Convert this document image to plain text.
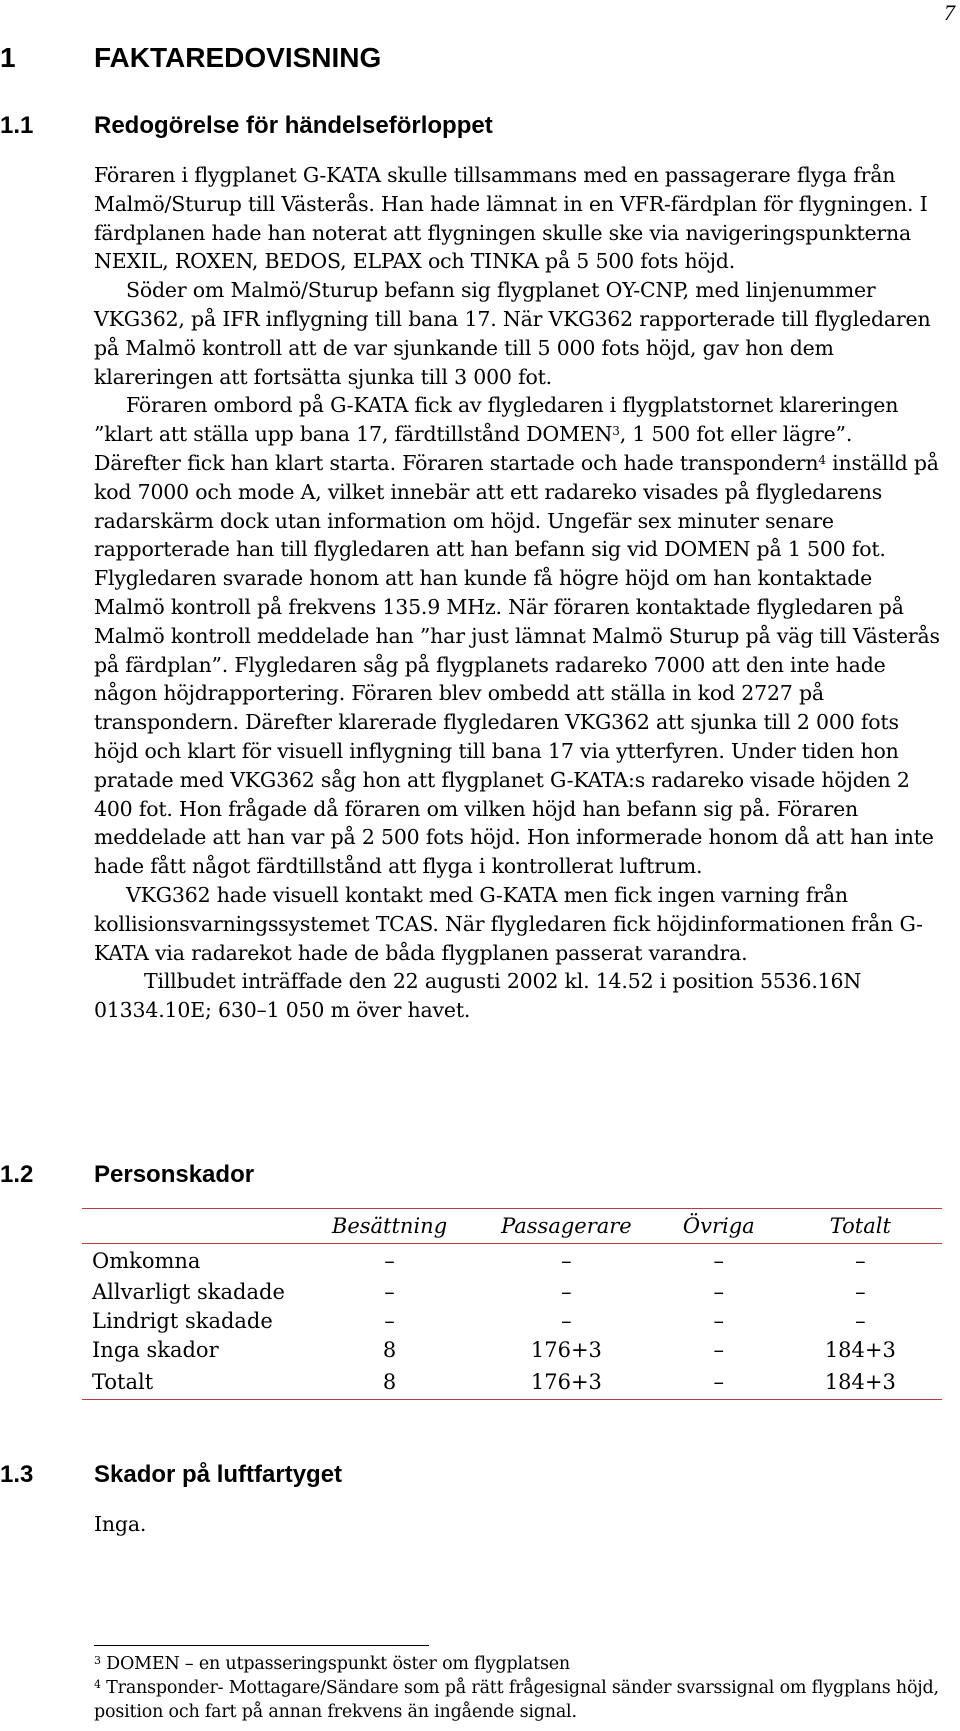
7
1	FAKTAREDOVISNING
1.1	Redogörelse för händelseförloppet

Föraren i flygplanet G-KATA skulle tillsammans med en passagerare flyga från Malmö/Sturup till Västerås. Han hade lämnat in en VFR-färdplan för flygningen. I färdplanen hade han noterat att flygningen skulle ske via navigeringspunkterna NEXIL, ROXEN, BEDOS, ELPAX och TINKA på 5 500 fots höjd.

Söder om Malmö/Sturup befann sig flygplanet OY-CNP, med linjenummer VKG362, på IFR inflygning till bana 17. När VKG362 rapporterade till flygledaren på Malmö kontroll att de var sjunkande till 5 000 fots höjd, gav hon dem klareringen att fortsätta sjunka till 3 000 fot.

Föraren ombord på G-KATA fick av flygledaren i flygplatstornet klareringen ”klart att ställa upp bana 17, färdtillstånd DOMEN$^3$, 1 500 fot eller lägre”. Därefter fick han klart starta. Föraren startade och hade transpondern$^4$ inställd på kod 7000 och mode A, vilket innebär att ett radareko visades på flygledarens radarskärm dock utan information om höjd. Ungefär sex minuter senare rapporterade han till flygledaren att han befann sig vid DOMEN på 1 500 fot. Flygledaren svarade honom att han kunde få högre höjd om han kontaktade Malmö kontroll på frekvens 135.9 MHz. När föraren kontaktade flygledaren på Malmö kontroll meddelade han ”har just lämnat Malmö Sturup på väg till Västerås på färdplan”. Flygledaren såg på flygplanets radareko 7000 att den inte hade någon höjdrapportering. Föraren blev ombedd att ställa in kod 2727 på transpondern. Därefter klarerade flygledaren VKG362 att sjunka till 2 000 fots höjd och klart för visuell inflygning till bana 17 via ytterfyren. Under tiden hon pratade med VKG362 såg hon att flygplanet G-KATA:s radareko visade höjden 2 400 fot. Hon frågade då föraren om vilken höjd han befann sig på. Föraren meddelade att han var på 2 500 fots höjd. Hon informerade honom då att han inte hade fått något färdtillstånd att flyga i kontrollerat luftrum.

VKG362 hade visuell kontakt med G-KATA men fick ingen varning från kollisionsvarningssystemet TCAS. När flygledaren fick höjdinformationen från G-KATA via radarekot hade de båda flygplanen passerat varandra.

Tillbudet inträffade den 22 augusti 2002 kl. 14.52 i position 5536.16N 01334.10E; 630–1 050 m över havet.

1.2	Personskador
	Besättning	Passagerare	Övriga	Totalt
Omkomna	–	–	–	–
Allvarligt skadade	–	–	–	–
Lindrigt skadade	–	–	–	–
Inga skador	8	176+3	–	184+3
Totalt	8	176+3	–	184+3
1.3	Skador på luftfartyget

Inga.

$^3$ DOMEN – en utpasseringspunkt öster om flygplatsen

$^4$ Transponder- Mottagare/Sändare som på rätt frågesignal sänder svarssignal om flygplans höjd, position och fart på annan frekvens än ingående signal.
